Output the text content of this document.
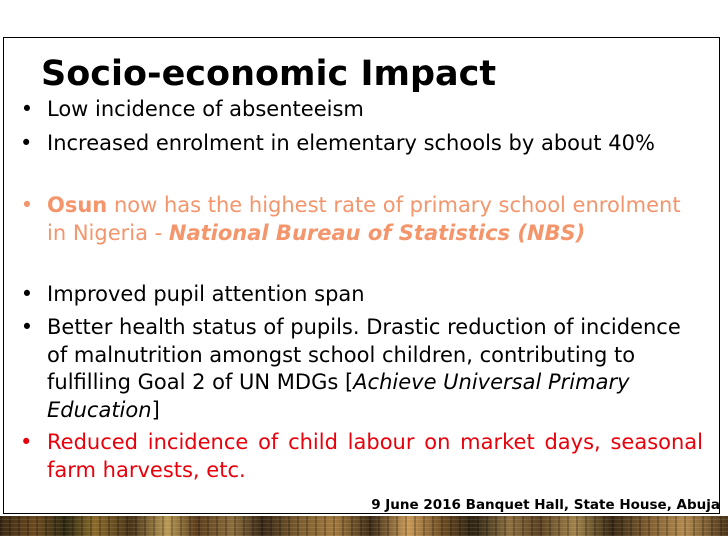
Socio-economic Impact
• Low incidence of absenteeism
• Increased enrolment in elementary schools by about 40%
• Osun now has the highest rate of primary school enrolment in Nigeria - National Bureau of Statistics (NBS)
• Improved pupil attention span
• Better health status of pupils. Drastic reduction of incidence of malnutrition amongst school children, contributing to fulfilling Goal 2 of UN MDGs [Achieve Universal Primary Education]
• Reduced incidence of child labour on market days, seasonal farm harvests, etc.
9 June 2016 Banquet Hall, State House, Abuja
